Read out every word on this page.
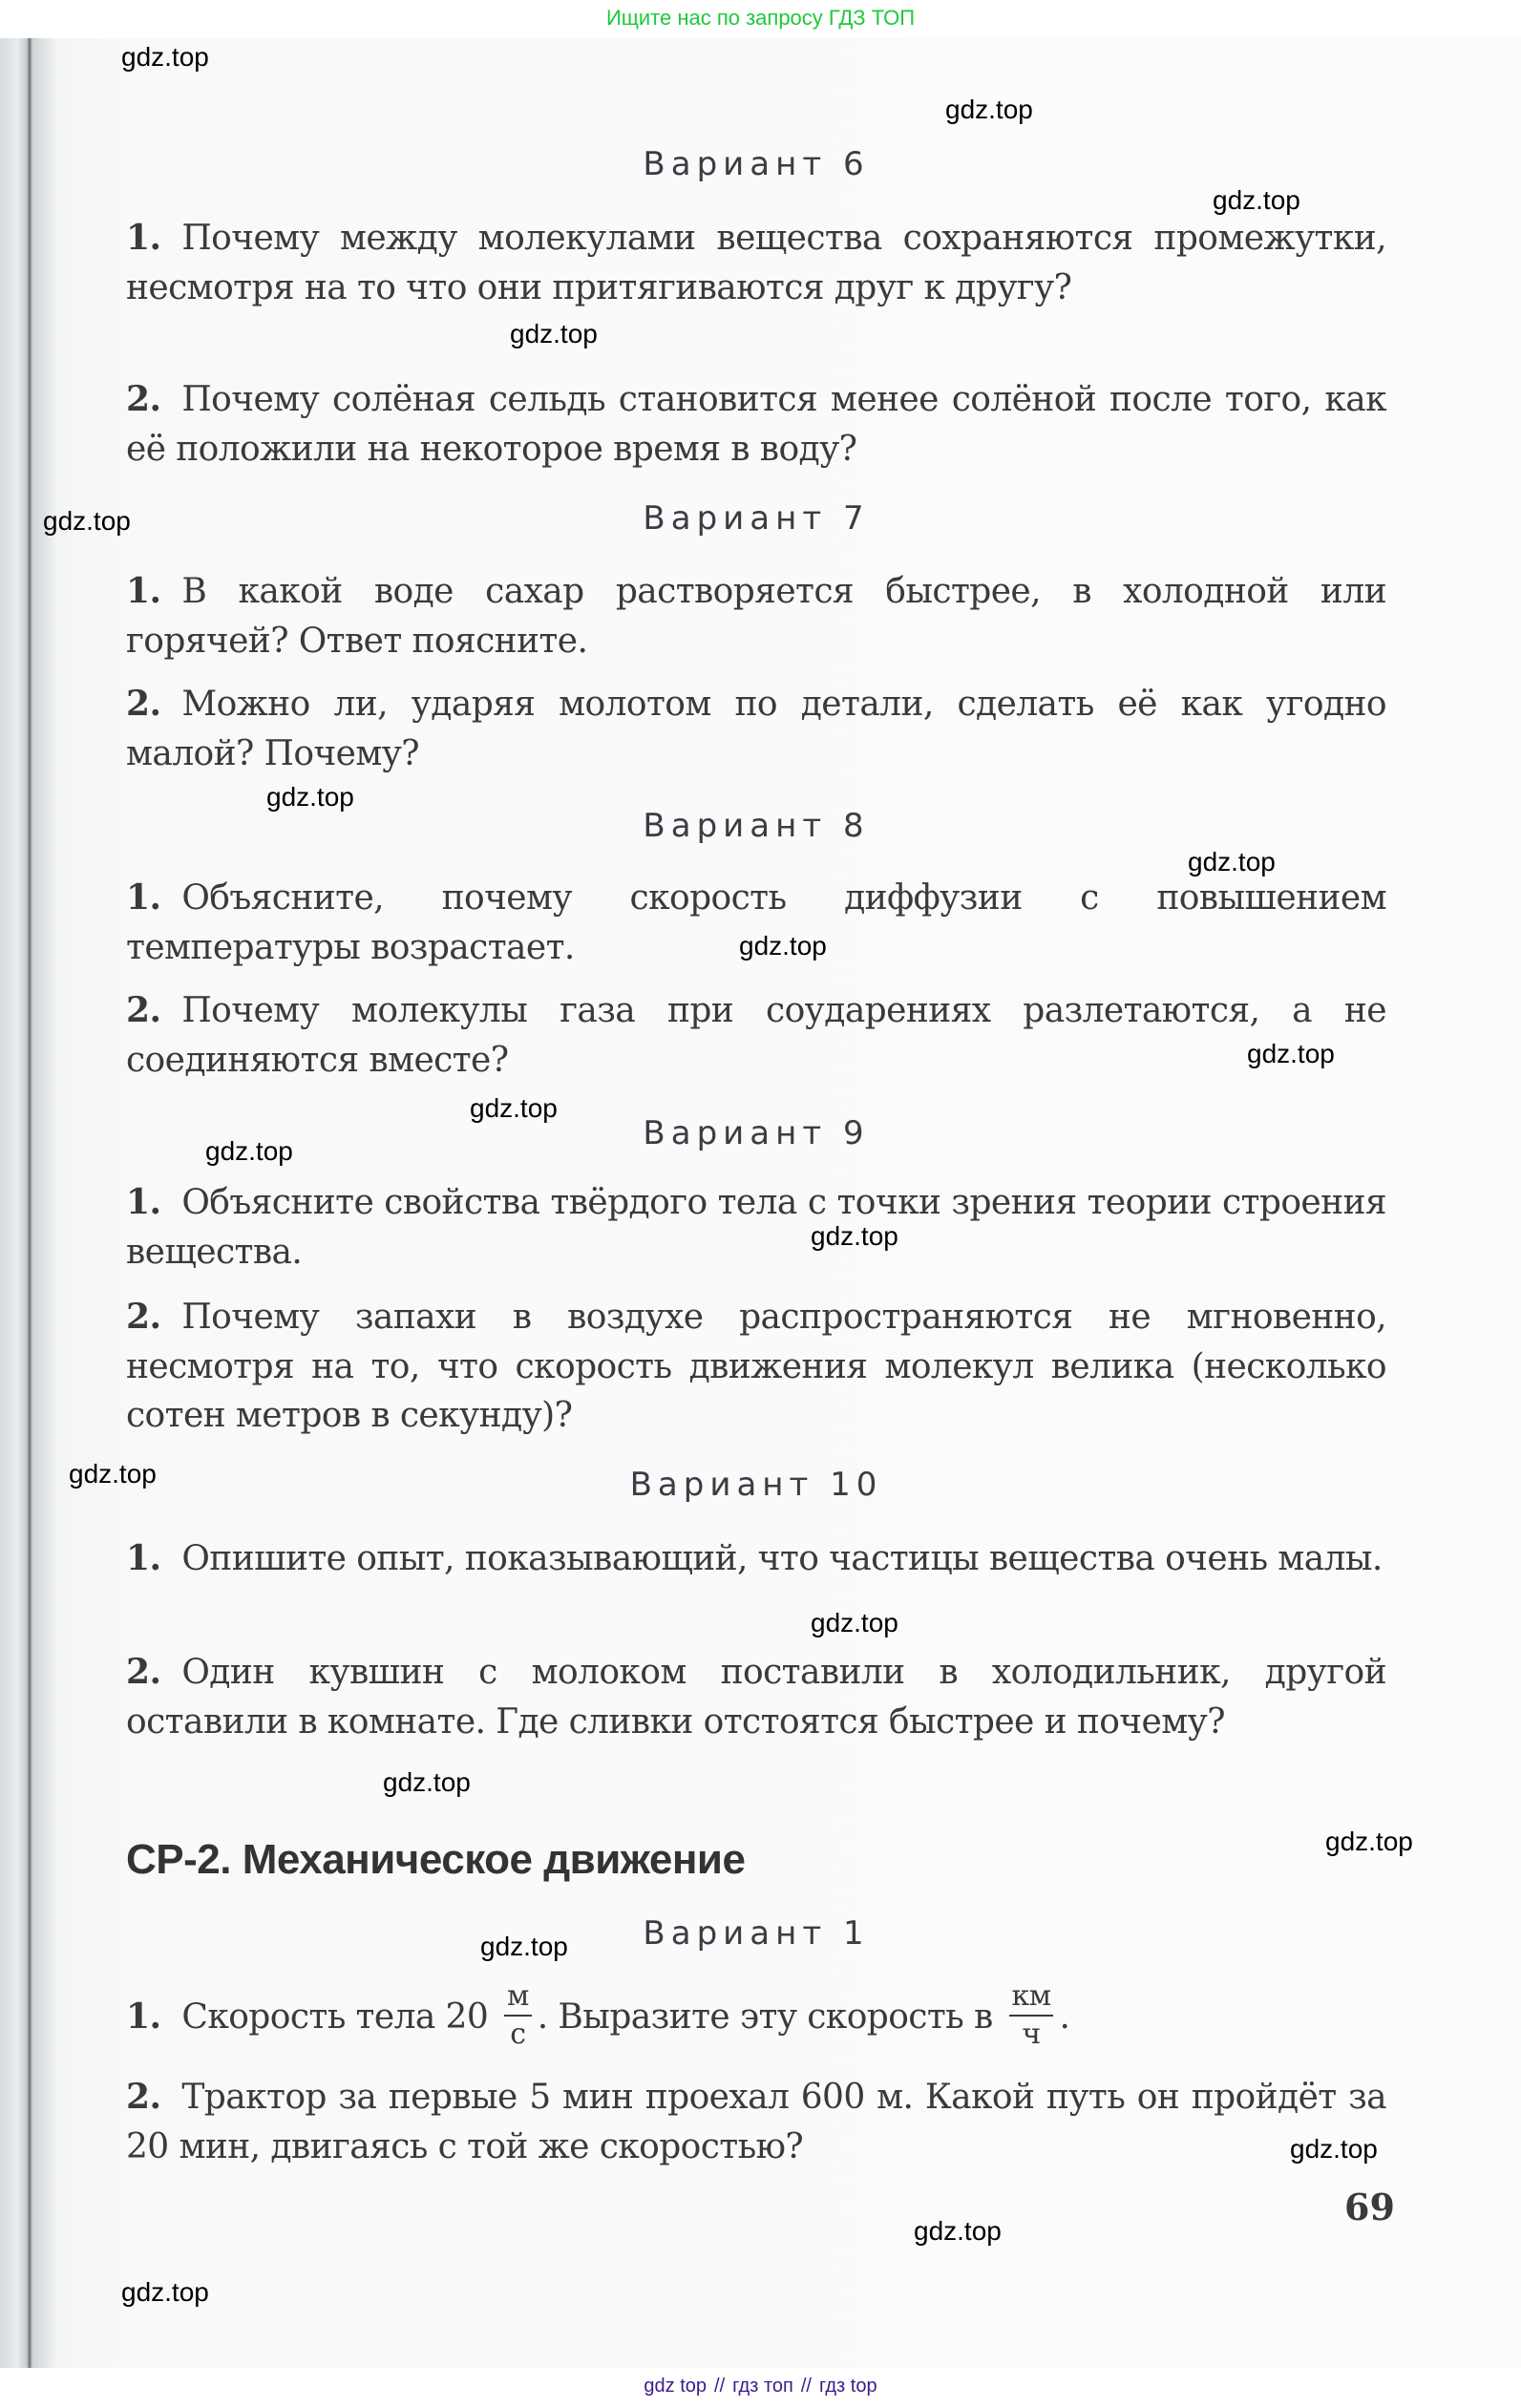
Ищите нас по запросу ГДЗ ТОП
Вариант 6

1. Почему между молекулами вещества сохраняются промежутки, несмотря на то что они притягиваются друг к другу?

2. Почему солёная сельдь становится менее солёной после того, как её положили на некоторое время в воду?

Вариант 7

1. В какой воде сахар растворяется быстрее, в холодной или горячей? Ответ поясните.

2. Можно ли, ударяя молотом по детали, сделать её как угодно малой? Почему?

Вариант 8

1. Объясните, почему скорость диффузии с повышением температуры возрастает.

2. Почему молекулы газа при соударениях разлетаются, а не соединяются вместе?

Вариант 9

1. Объясните свойства твёрдого тела с точки зрения теории строения вещества.

2. Почему запахи в воздухе распространяются не мгновенно, несмотря на то, что скорость движения молекул велика (несколько сотен метров в секунду)?

Вариант 10

1. Опишите опыт, показывающий, что частицы вещества очень малы.

2. Один кувшин с молоком поставили в холодильник, другой оставили в комнате. Где сливки отстоятся быстрее и почему?

СР-2. Механическое движение
Вариант 1

1. Скорость тела $20 \frac{м}{с}$ . Выразите эту скорость в $\frac{км}{ч}$ .

2. Трактор за первые 5 мин проехал 600 м. Какой путь он пройдёт за 20 мин, двигаясь с той же скоростью?

69
gdz.top
gdz.top
gdz.top
gdz.top
gdz.top
gdz.top
gdz.top
gdz.top
gdz.top
gdz.top
gdz.top
gdz.top
gdz.top
gdz.top
gdz.top
gdz.top
gdz.top
gdz.top
gdz.top
gdz.top
gdz top // гдз топ // гдз top
